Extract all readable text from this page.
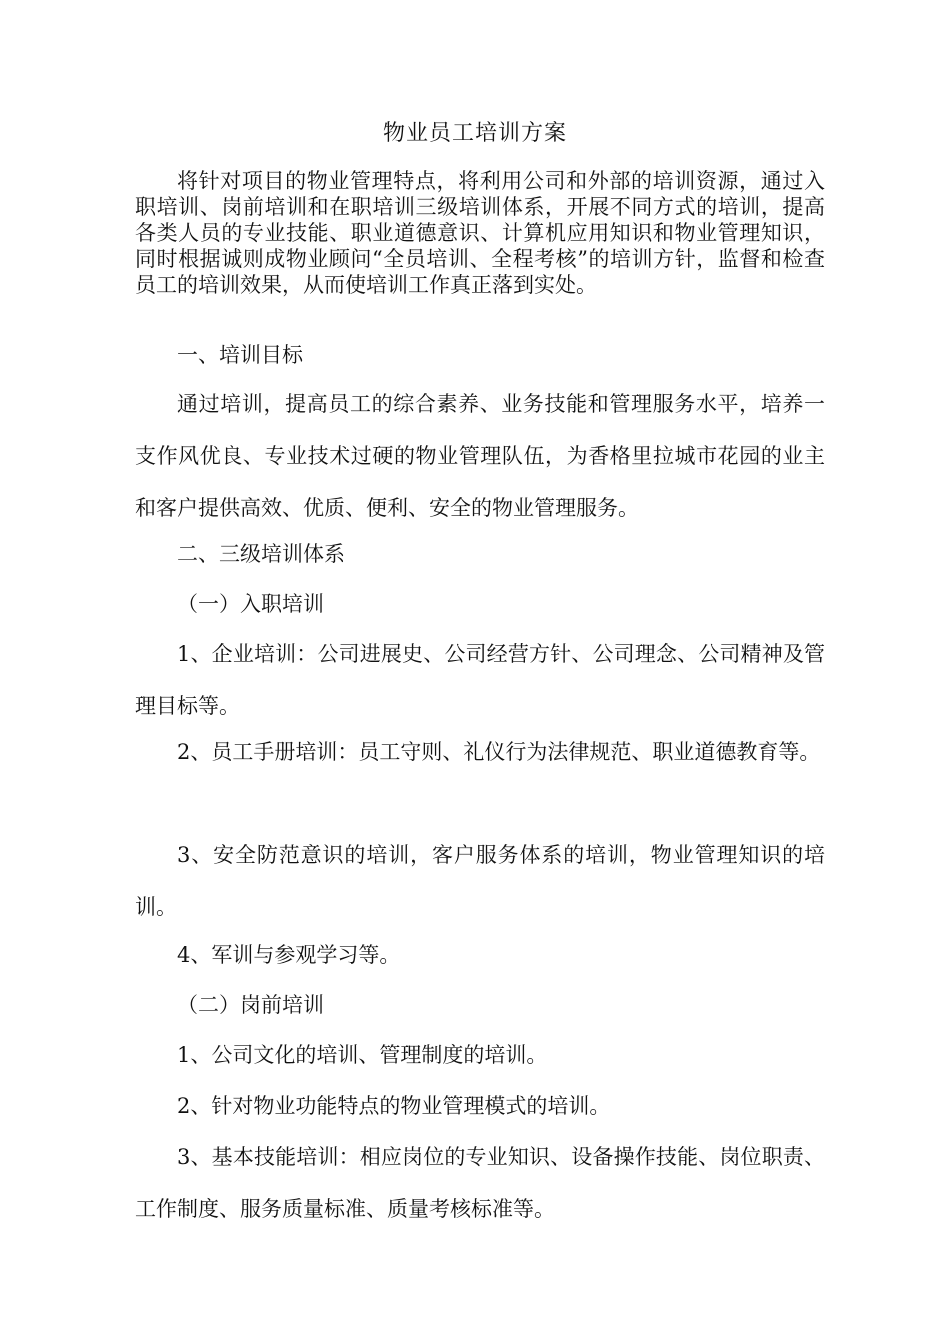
物业员工培训方案
将针对项目的物业管理特点，将利用公司和外部的培训资源，通过入职培训、岗前培训和在职培训三级培训体系，开展不同方式的培训，提高各类人员的专业技能、职业道德意识、计算机应用知识和物业管理知识，同时根据诚则成物业顾问“全员培训、全程考核”的培训方针，监督和检查员工的培训效果，从而使培训工作真正落到实处。
一、培训目标
通过培训，提高员工的综合素养、业务技能和管理服务水平，培养一支作风优良、专业技术过硬的物业管理队伍，为香格里拉城市花园的业主和客户提供高效、优质、便利、安全的物业管理服务。
二、三级培训体系
（一）入职培训
1、企业培训：公司进展史、公司经营方针、公司理念、公司精神及管理目标等。
2、员工手册培训：员工守则、礼仪行为法律规范、职业道德教育等。
3、安全防范意识的培训，客户服务体系的培训，物业管理知识的培训。
4、军训与参观学习等。
（二）岗前培训
1、公司文化的培训、管理制度的培训。
2、针对物业功能特点的物业管理模式的培训。
3、基本技能培训：相应岗位的专业知识、设备操作技能、岗位职责、工作制度、服务质量标准、质量考核标准等。
